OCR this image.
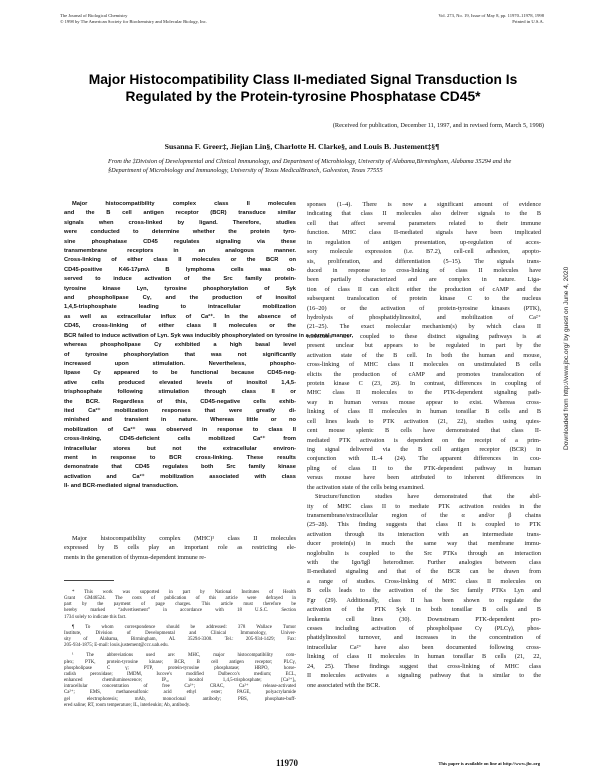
The Journal of Biological Chemistry
© 1998 by The American Society for Biochemistry and Molecular Biology, Inc.
Vol. 273, No. 19, Issue of May 8, pp. 11970–11978, 1998
Printed in U.S.A.
Major Histocompatibility Class II-mediated Signal Transduction Is
Regulated by the Protein-tyrosine Phosphatase CD45*
(Received for publication, December 11, 1997, and in revised form, March 5, 1998)
Susanna F. Greer‡, Jiejian Lin§, Charlotte H. Clarke§, and Louis B. Justement‡§¶
From the ‡Division of Developmental and Clinical Immunology, and Department of Microbiology, University of Alabama,Birmingham, Alabama 35294 and the §Department of Microbiology and Immunology, University of Texas MedicalBranch, Galveston, Texas 77555
Major histocompatibility complex class II molecules
and the B cell antigen receptor (BCR) transduce similar
signals when cross-linked by ligand. Therefore, studies
were conducted to determine whether the protein tyro-
sine phosphatase CD45 regulates signaling via these
transmembrane receptors in an analogous manner.
Cross-linking of either class II molecules or the BCR on
CD45-positive K46-17µmλ B lymphoma cells was ob-
served to induce activation of the Src family protein-
tyrosine kinase Lyn, tyrosine phosphorylation of Syk
and phospholipase Cγ, and the production of inositol
1,4,5-trisphosphate leading to intracellular mobilization
as well as extracellular influx of Ca²⁺. In the absence of
CD45, cross-linking of either class II molecules or the
BCR failed to induce activation of Lyn. Syk was inducibly phosphorylated on tyrosine in a normal manner,
whereas phospholipase Cγ exhibited a high basal level
of tyrosine phosphorylation that was not significantly
increased upon stimulation. Nevertheless, phospho-
lipase Cγ appeared to be functional because CD45-neg-
ative cells produced elevated levels of inositol 1,4,5-
trisphosphate following stimulation through class II or
the BCR. Regardless of this, CD45-negative cells exhib-
ited Ca²⁺ mobilization responses that were greatly di-
minished and transient in nature. Whereas little or no
mobilization of Ca²⁺ was observed in response to class II
cross-linking, CD45-deficient cells mobilized Ca²⁺ from
intracellular stores but not the extracellular environ-
ment in response to BCR cross-linking. These results
demonstrate that CD45 regulates both Src family kinase
activation and Ca²⁺ mobilization associated with class
II- and BCR-mediated signal transduction.
Major histocompatibility complex (MHC)¹ class II molecules
expressed by B cells play an important role as restricting ele-
ments in the generation of thymus-dependent immune re-
* This work was supported in part by National Institutes of Health
Grant GM46524. The costs of publication of this article were defrayed in
part by the payment of page charges. This article must therefore be
hereby marked “advertisement” in accordance with 18 U.S.C. Section
1734 solely to indicate this fact.
¶ To whom correspondence should be addressed: 378 Wallace Tumor
Institute, Division of Developmental and Clinical Immunology, Univer-
sity of Alabama, Birmingham, AL 35294-3300. Tel.: 205-934-1429; Fax:
205-934-1875; E-mail: louis.justement@ccc.uab.edu.
¹ The abbreviations used are: MHC, major histocompatibility com-
plex; PTK, protein-tyrosine kinase; BCR, B cell antigen receptor; PLCγ,
phospholipase C γ; PTP, protein-tyrosine phosphatase; HRPO, horse-
radish peroxidase; IMDM, Iscove's modified Dulbecco's medium; ECL,
enhanced chemiluminescence; IP₃, inositol 1,4,5-trisphosphate; [Ca²⁺]ᵢ,
intracellular concentration of free Ca²⁺; CRAC, Ca²⁺ release-activated
Ca²⁺; EMS, methanesulfonic acid ethyl ester; PAGE, polyacrylamide
gel electrophoresis; mAb, monoclonal antibody; PBS, phosphate-buff-
ered saline; RT, room temperature; IL, interleukin; Ab, antibody.
sponses (1–4). There is now a significant amount of evidence
indicating that class II molecules also deliver signals to the B
cell that affect several parameters related to their immune
function. MHC class II-mediated signals have been implicated
in regulation of antigen presentation, up-regulation of acces-
sory molecule expression (i.e. B7.2), cell-cell adhesion, apopto-
sis, proliferation, and differentiation (5–15). The signals trans-
duced in response to cross-linking of class II molecules have
been partially characterized and are complex in nature. Liga-
tion of class II can elicit either the production of cAMP and the
subsequent translocation of protein kinase C to the nucleus
(16–20) or the activation of protein-tyrosine kinases (PTK),
hydrolysis of phosphatidylinositol, and mobilization of Ca²⁺
(21–25). The exact molecular mechanism(s) by which class II
molecules are coupled to these distinct signaling pathways is at
present unclear but appears to be regulated in part by the
activation state of the B cell. In both the human and mouse,
cross-linking of MHC class II molecules on unstimulated B cells
elicits the production of cAMP and promotes translocation of
protein kinase C (23, 26). In contrast, differences in coupling of
MHC class II molecules to the PTK-dependent signaling path-
way in human versus mouse appear to exist. Whereas cross-
linking of class II molecules in human tonsillar B cells and B
cell lines leads to PTK activation (21, 22), studies using quies-
cent mouse splenic B cells have demonstrated that class II-
mediated PTK activation is dependent on the receipt of a prim-
ing signal delivered via the B cell antigen receptor (BCR) in
conjunction with IL-4 (24). The apparent differences in cou-
pling of class II to the PTK-dependent pathway in human
versus mouse have been attributed to inherent differences in
the activation state of the cells being examined.
Structure/function studies have demonstrated that the abil-
ity of MHC class II to mediate PTK activation resides in the
transmembrane/extracellular region of the α and/or β chains
(25–28). This finding suggests that class II is coupled to PTK
activation through its interaction with an intermediate trans-
ducer protein(s) in much the same way that membrane immu-
noglobulin is coupled to the Src PTKs through an interaction
with the Igα/Igβ heterodimer. Further analogies between class
II-mediated signaling and that of the BCR can be drawn from
a range of studies. Cross-linking of MHC class II molecules on
B cells leads to the activation of the Src family PTKs Lyn and
Fgr (29). Additionally, class II has been shown to regulate the
activation of the PTK Syk in both tonsillar B cells and B
leukemia cell lines (30). Downstream PTK-dependent pro-
cesses including activation of phospholipase Cγ (PLCγ), phos-
phatidylinositol turnover, and increases in the concentration of
intracellular Ca²⁺ have also been documented following cross-
linking of class II molecules in human tonsillar B cells (21, 22,
24, 25). These findings suggest that cross-linking of MHC class
II molecules activates a signaling pathway that is similar to the
one associated with the BCR.
Downloaded from http://www.jbc.org/ by guest on June 4, 2020
11970	This paper is available on line at http://www.jbc.org
